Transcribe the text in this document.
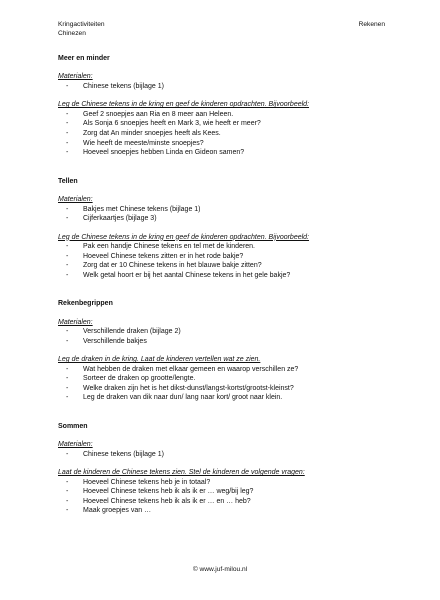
Kringactiviteiten	Rekenen
Chinezen
Meer en minder
Materialen:
- Chinese tekens (bijlage 1)
Leg de Chinese tekens in de kring en geef de kinderen opdrachten. Bijvoorbeeld:
- Geef 2 snoepjes aan Ria en 8 meer aan Heleen.
- Als Sonja 6 snoepjes heeft en Mark 3, wie heeft er meer?
- Zorg dat An minder snoepjes heeft als Kees.
- Wie heeft de meeste/minste snoepjes?
- Hoeveel snoepjes hebben Linda en Gideon samen?
Tellen
Materialen:
- Bakjes met Chinese tekens (bijlage 1)
- Cijferkaartjes (bijlage 3)
Leg de Chinese tekens in de kring en geef de kinderen opdrachten. Bijvoorbeeld:
- Pak een handje Chinese tekens en tel met de kinderen.
- Hoeveel Chinese tekens zitten er in het rode bakje?
- Zorg dat er 10 Chinese tekens in het blauwe bakje zitten?
- Welk getal hoort er bij het aantal Chinese tekens in het gele bakje?
Rekenbegrippen
Materialen:
- Verschillende draken (bijlage 2)
- Verschillende bakjes
Leg de draken in de kring. Laat de kinderen vertellen wat ze zien.
- Wat hebben de draken met elkaar gemeen en waarop verschillen ze?
- Sorteer de draken op grootte/lengte.
- Welke draken zijn het is het dikst-dunst/langst-kortst/grootst-kleinst?
- Leg de draken van dik naar dun/ lang naar kort/ groot naar klein.
Sommen
Materialen:
- Chinese tekens (bijlage 1)
Laat de kinderen de Chinese tekens zien. Stel de kinderen de volgende vragen:
- Hoeveel Chinese tekens heb je in totaal?
- Hoeveel Chinese tekens heb ik als ik er … weg/bij leg?
- Hoeveel Chinese tekens heb ik als ik er … en … heb?
- Maak groepjes van …
© www.juf-milou.nl
